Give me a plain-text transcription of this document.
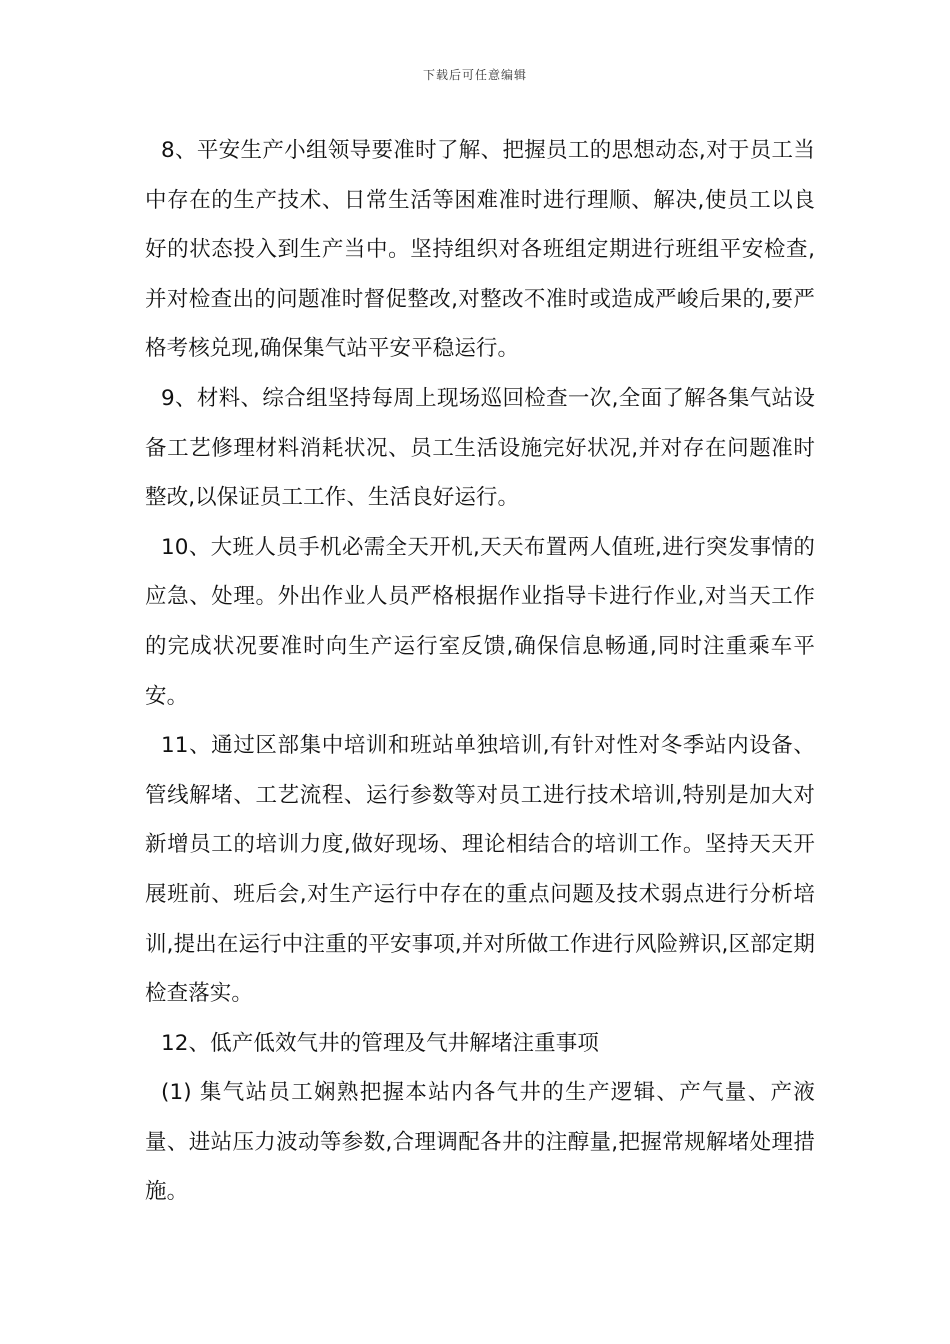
下载后可任意编辑

8、平安生产小组领导要准时了解、把握员工的思想动态,对于员工当中存在的生产技术、日常生活等困难准时进行理顺、解决,使员工以良好的状态投入到生产当中。坚持组织对各班组定期进行班组平安检查,并对检查出的问题准时督促整改,对整改不准时或造成严峻后果的,要严格考核兑现,确保集气站平安平稳运行。

9、材料、综合组坚持每周上现场巡回检查一次,全面了解各集气站设备工艺修理材料消耗状况、员工生活设施完好状况,并对存在问题准时整改,以保证员工工作、生活良好运行。

10、大班人员手机必需全天开机,天天布置两人值班,进行突发事情的应急、处理。外出作业人员严格根据作业指导卡进行作业,对当天工作的完成状况要准时向生产运行室反馈,确保信息畅通,同时注重乘车平安。

11、通过区部集中培训和班站单独培训,有针对性对冬季站内设备、管线解堵、工艺流程、运行参数等对员工进行技术培训,特别是加大对新增员工的培训力度,做好现场、理论相结合的培训工作。坚持天天开展班前、班后会,对生产运行中存在的重点问题及技术弱点进行分析培训,提出在运行中注重的平安事项,并对所做工作进行风险辨识,区部定期检查落实。

12、低产低效气井的管理及气井解堵注重事项

(1) 集气站员工娴熟把握本站内各气井的生产逻辑、产气量、产液量、进站压力波动等参数,合理调配各井的注醇量,把握常规解堵处理措施。
